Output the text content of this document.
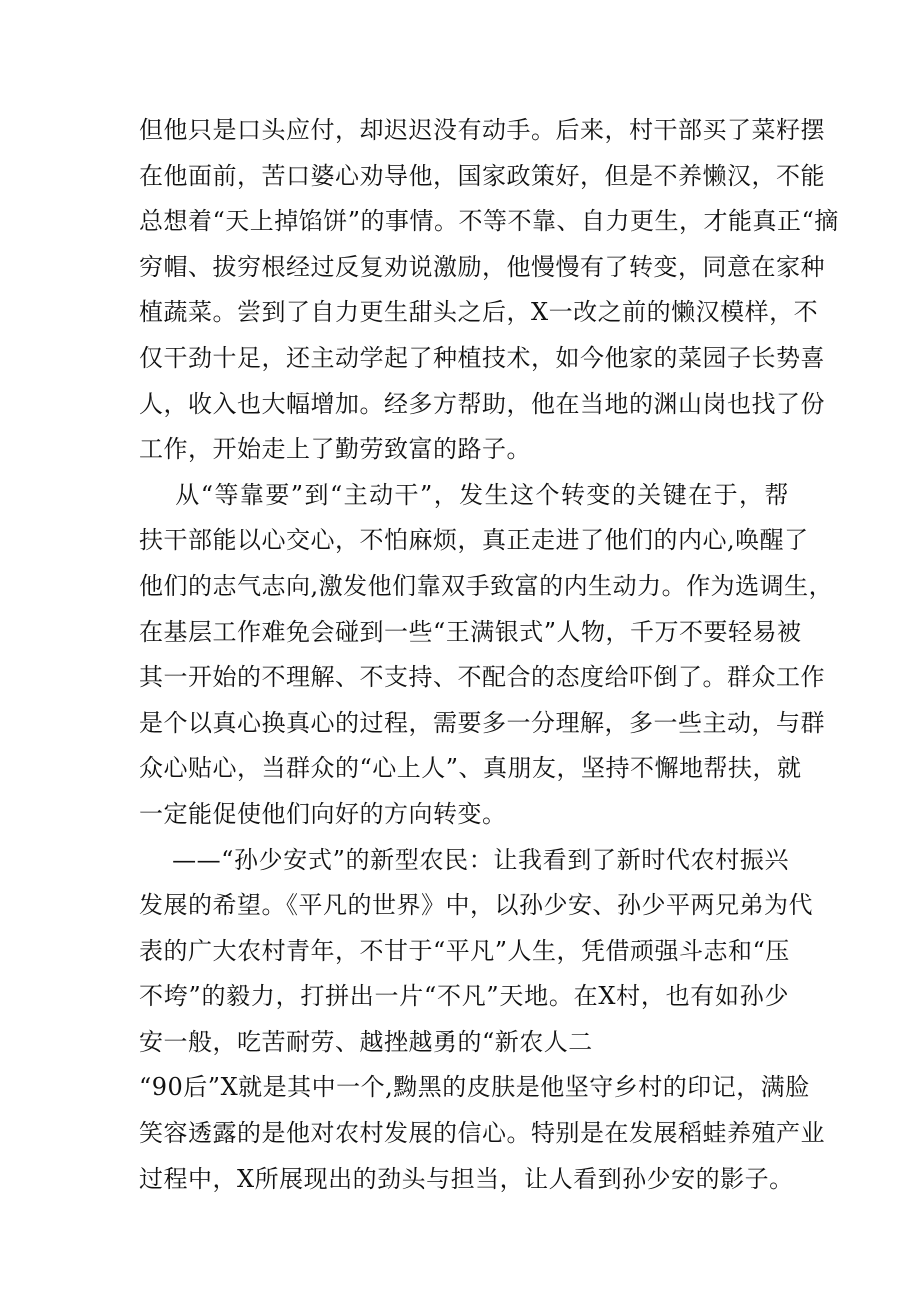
但他只是口头应付，却迟迟没有动手。后来，村干部买了菜籽摆
在他面前，苦口婆心劝导他，国家政策好，但是不养懒汉，不能
总想着“天上掉馅饼”的事情。不等不靠、自力更生，才能真正“摘
穷帽、拔穷根经过反复劝说激励，他慢慢有了转变，同意在家种
植蔬菜。尝到了自力更生甜头之后，X一改之前的懒汉模样，不
仅干劲十足，还主动学起了种植技术，如今他家的菜园子长势喜
人，收入也大幅增加。经多方帮助，他在当地的渊山岗也找了份
工作，开始走上了勤劳致富的路子。
从“等靠要”到“主动干”，发生这个转变的关键在于，帮
扶干部能以心交心，不怕麻烦，真正走进了他们的内心,唤醒了
他们的志气志向,激发他们靠双手致富的内生动力。作为选调生，
在基层工作难免会碰到一些“王满银式”人物，千万不要轻易被
其一开始的不理解、不支持、不配合的态度给吓倒了。群众工作
是个以真心换真心的过程，需要多一分理解，多一些主动，与群
众心贴心，当群众的“心上人”、真朋友，坚持不懈地帮扶，就
一定能促使他们向好的方向转变。
——“孙少安式”的新型农民：让我看到了新时代农村振兴
发展的希望。《平凡的世界》中，以孙少安、孙少平两兄弟为代
表的广大农村青年，不甘于“平凡”人生，凭借顽强斗志和“压
不垮”的毅力，打拼出一片“不凡”天地。在X村，也有如孙少
安一般，吃苦耐劳、越挫越勇的“新农人二
“90后”X就是其中一个,黝黑的皮肤是他坚守乡村的印记，满脸
笑容透露的是他对农村发展的信心。特别是在发展稻蛙养殖产业
过程中，X所展现出的劲头与担当，让人看到孙少安的影子。
